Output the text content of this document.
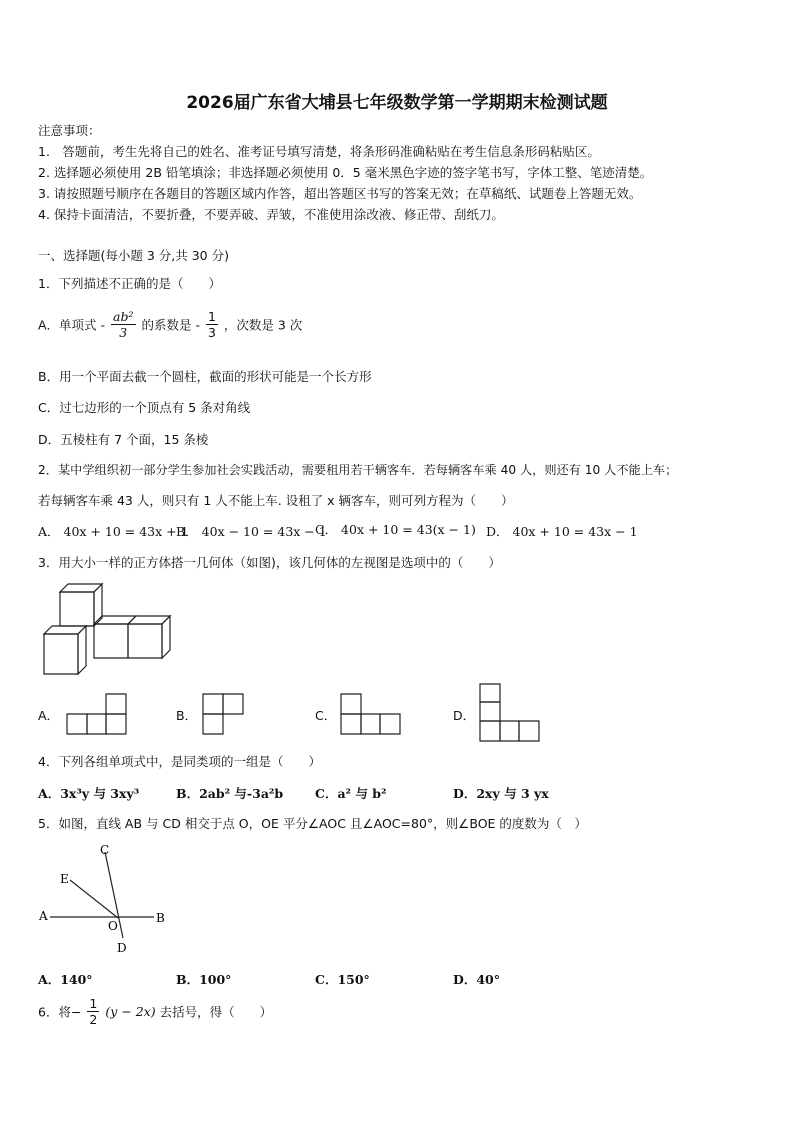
2026届广东省大埔县七年级数学第一学期期末检测试题
注意事项：
1.　答题前，考生先将自己的姓名、准考证号填写清楚，将条形码准确粘贴在考生信息条形码粘贴区。
2. 选择题必须使用 2B 铅笔填涂；非选择题必须使用 0．5 毫米黑色字迹的签字笔书写，字体工整、笔迹清楚。
3. 请按照题号顺序在各题目的答题区域内作答，超出答题区书写的答案无效；在草稿纸、试题卷上答题无效。
4. 保持卡面清洁，不要折叠，不要弄破、弄皱，不准使用涂改液、修正带、刮纸刀。
一、选择题(每小题 3 分,共 30 分)
1．下列描述不正确的是（　　）
A．单项式 - $\frac{\text{ab²}}{3}$ 的系数是 - $\frac{1}{3}$ ，次数是 3 次
B．用一个平面去截一个圆柱，截面的形状可能是一个长方形
C．过七边形的一个顶点有 5 条对角线
D．五棱柱有 7 个面，15 条棱
2．某中学组织初一部分学生参加社会实践活动，需要租用若干辆客车．若每辆客车乘 40 人，则还有 10 人不能上车；
若每辆客车乘 43 人，则只有 1 人不能上车. 设租了 x 辆客车，则可列方程为（　　）
A． 40x + 10 = 43x + 1
B． 40x − 10 = 43x − 1
C． 40x + 10 = 43(x − 1) D． 40x + 10 = 43x − 1
3．用大小一样的正方体搭一几何体（如图)，该几何体的左视图是选项中的（　　）
A．	B．	C．	D．
4．下列各组单项式中，是同类项的一组是（　　）
A．3x³y 与 3xy³	B．2ab² 与-3a²b	C．a² 与 b²	D．2xy 与 3 yx
5．如图，直线 AB 与 CD 相交于点 O，OE 平分∠AOC 且∠AOC=80°，则∠BOE 的度数为（　）
C
E
A
O
B
D
A．140°	B．100°	C．150°	D．40°
6．将− $\frac{1}{2} (y - 2x)$ 去括号，得（　　）
